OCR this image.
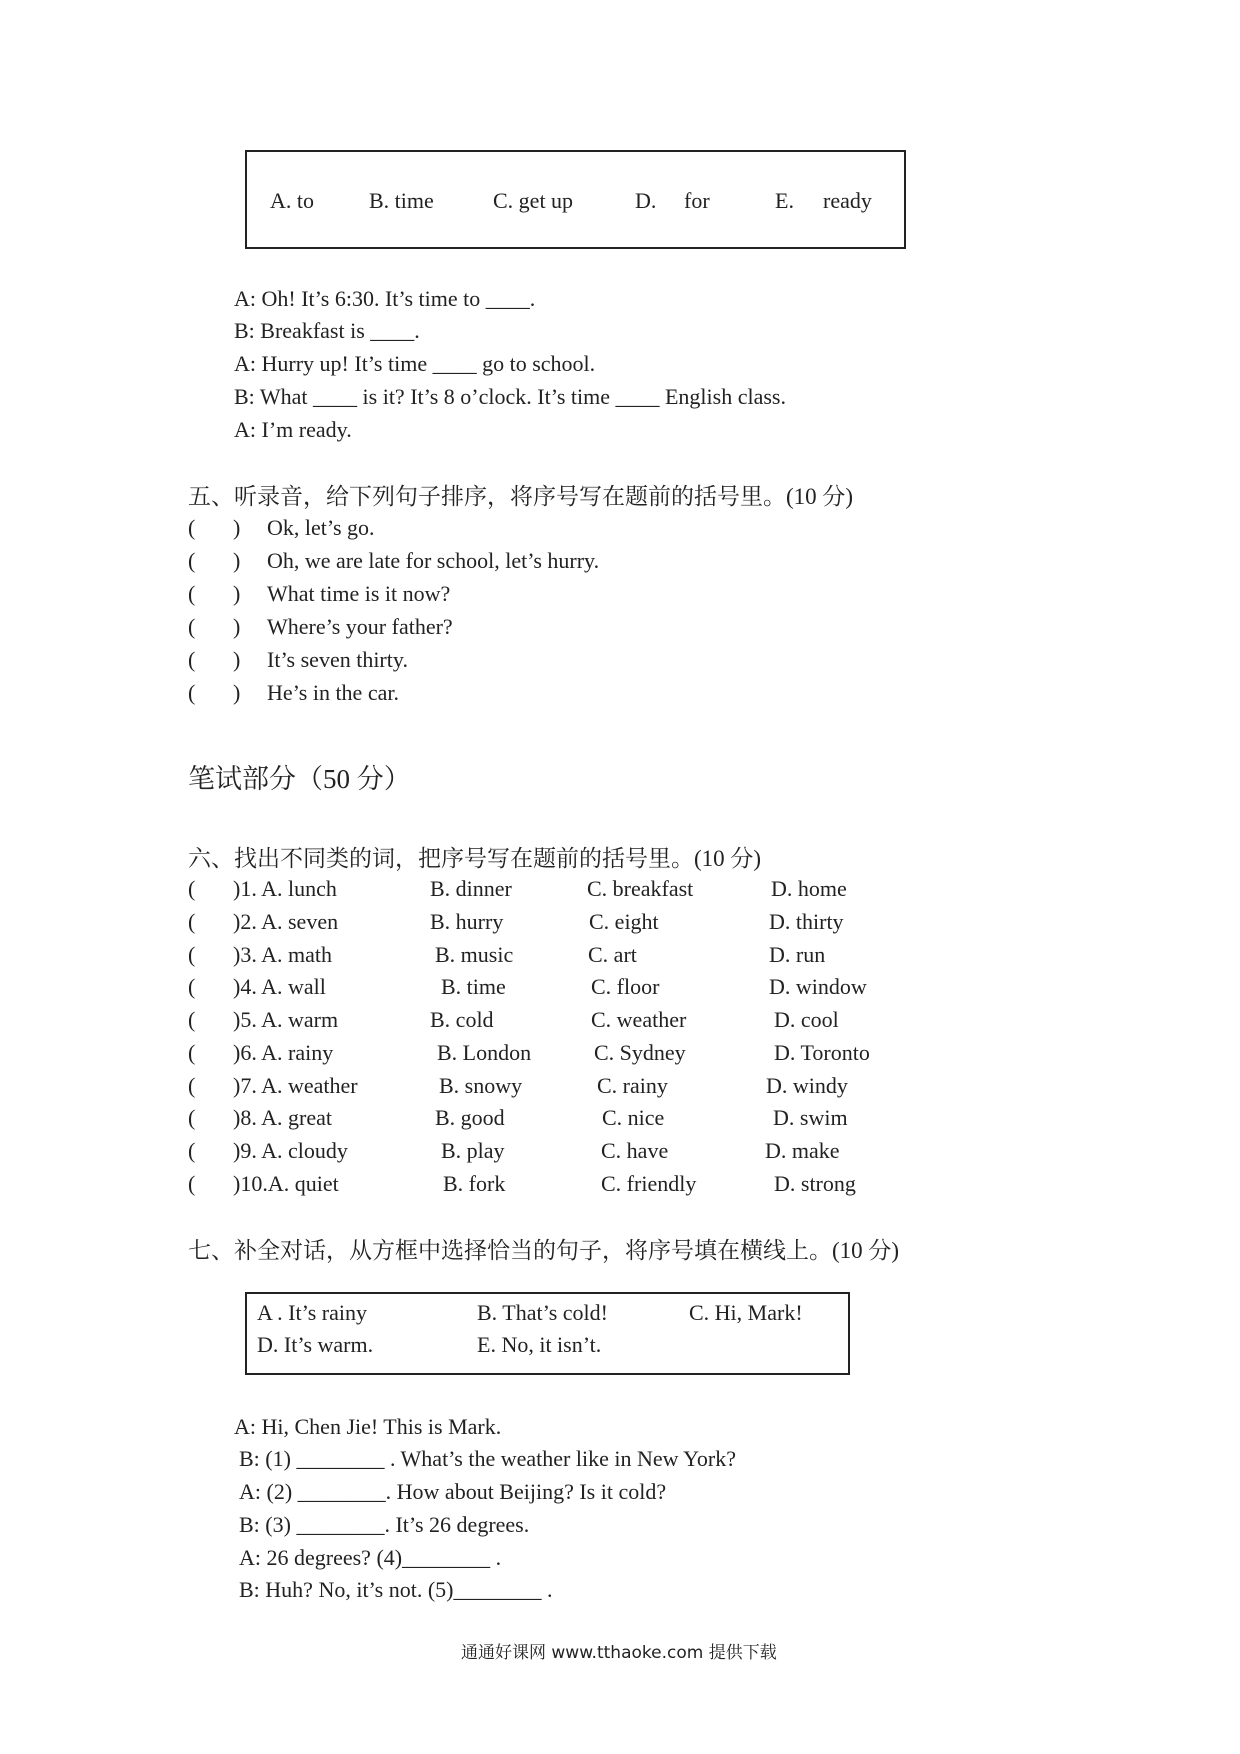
A. to	B. time	C. get up	D. for	E. ready
A: Oh! It’s 6:30. It’s time to ____.
B: Breakfast is ____.
A: Hurry up! It’s time ____ go to school.
B: What ____ is it? It’s 8 o’clock. It’s time ____ English class.
A: I’m ready.
五、听录音，给下列句子排序，将序号写在题前的括号里。(10 分)
( ) Ok, let’s go.
( ) Oh, we are late for school, let’s hurry.
( ) What time is it now?
( ) Where’s your father?
( ) It’s seven thirty.
( ) He’s in the car.
笔试部分（50 分）
六、找出不同类的词，把序号写在题前的括号里。(10 分)
( )1. A. lunch	B. dinner	C. breakfast	D. home
( )2. A. seven	B. hurry	C. eight	D. thirty
( )3. A. math	B. music	C. art	D. run
( )4. A. wall	B. time	C. floor	D. window
( )5. A. warm	B. cold	C. weather	D. cool
( )6. A. rainy	B. London	C. Sydney	D. Toronto
( )7. A. weather	B. snowy	C. rainy	D. windy
( )8. A. great	B. good	C. nice	D. swim
( )9. A. cloudy	B. play	C. have	D. make
( )10.A. quiet	B. fork	C. friendly	D. strong
七、补全对话，从方框中选择恰当的句子，将序号填在横线上。(10 分)
A . It’s rainy	B. That’s cold!	C. Hi, Mark!
D. It’s warm.	E. No, it isn’t.
A: Hi, Chen Jie! This is Mark.
B: (1) ________ . What’s the weather like in New York?
A: (2) ________. How about Beijing? Is it cold?
B: (3) ________. It’s 26 degrees.
A: 26 degrees? (4)________ .
B: Huh? No, it’s not. (5)________ .
通通好课网 www.tthaoke.com 提供下载
